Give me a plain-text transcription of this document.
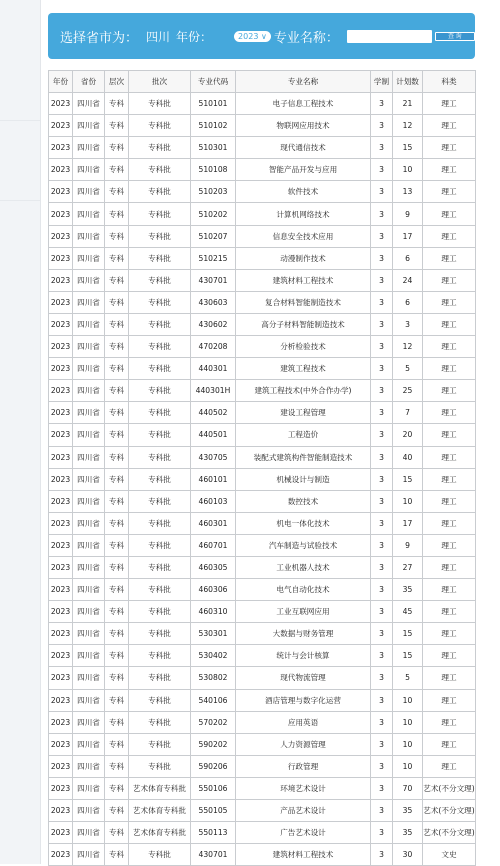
选择省市为： 四川 年份：	2023 ∨ 专业名称：	查 询
年份	省份	层次	批次	专业代码	专业名称	学制	计划数	科类
2023	四川省	专科	专科批	510101	电子信息工程技术	3	21	理工
2023	四川省	专科	专科批	510102	物联网应用技术	3	12	理工
2023	四川省	专科	专科批	510301	现代通信技术	3	15	理工
2023	四川省	专科	专科批	510108	智能产品开发与应用	3	10	理工
2023	四川省	专科	专科批	510203	软件技术	3	13	理工
2023	四川省	专科	专科批	510202	计算机网络技术	3	9	理工
2023	四川省	专科	专科批	510207	信息安全技术应用	3	17	理工
2023	四川省	专科	专科批	510215	动漫制作技术	3	6	理工
2023	四川省	专科	专科批	430701	建筑材料工程技术	3	24	理工
2023	四川省	专科	专科批	430603	复合材料智能制造技术	3	6	理工
2023	四川省	专科	专科批	430602	高分子材料智能制造技术	3	3	理工
2023	四川省	专科	专科批	470208	分析检验技术	3	12	理工
2023	四川省	专科	专科批	440301	建筑工程技术	3	5	理工
2023	四川省	专科	专科批	440301H	建筑工程技术(中外合作办学)	3	25	理工
2023	四川省	专科	专科批	440502	建设工程管理	3	7	理工
2023	四川省	专科	专科批	440501	工程造价	3	20	理工
2023	四川省	专科	专科批	430705	装配式建筑构件智能制造技术	3	40	理工
2023	四川省	专科	专科批	460101	机械设计与制造	3	15	理工
2023	四川省	专科	专科批	460103	数控技术	3	10	理工
2023	四川省	专科	专科批	460301	机电一体化技术	3	17	理工
2023	四川省	专科	专科批	460701	汽车制造与试验技术	3	9	理工
2023	四川省	专科	专科批	460305	工业机器人技术	3	27	理工
2023	四川省	专科	专科批	460306	电气自动化技术	3	35	理工
2023	四川省	专科	专科批	460310	工业互联网应用	3	45	理工
2023	四川省	专科	专科批	530301	大数据与财务管理	3	15	理工
2023	四川省	专科	专科批	530402	统计与会计核算	3	15	理工
2023	四川省	专科	专科批	530802	现代物流管理	3	5	理工
2023	四川省	专科	专科批	540106	酒店管理与数字化运营	3	10	理工
2023	四川省	专科	专科批	570202	应用英语	3	10	理工
2023	四川省	专科	专科批	590202	人力资源管理	3	10	理工
2023	四川省	专科	专科批	590206	行政管理	3	10	理工
2023	四川省	专科	艺术体育专科批	550106	环境艺术设计	3	70	艺术(不分文理)
2023	四川省	专科	艺术体育专科批	550105	产品艺术设计	3	35	艺术(不分文理)
2023	四川省	专科	艺术体育专科批	550113	广告艺术设计	3	35	艺术(不分文理)
2023	四川省	专科	专科批	430701	建筑材料工程技术	3	30	文史
